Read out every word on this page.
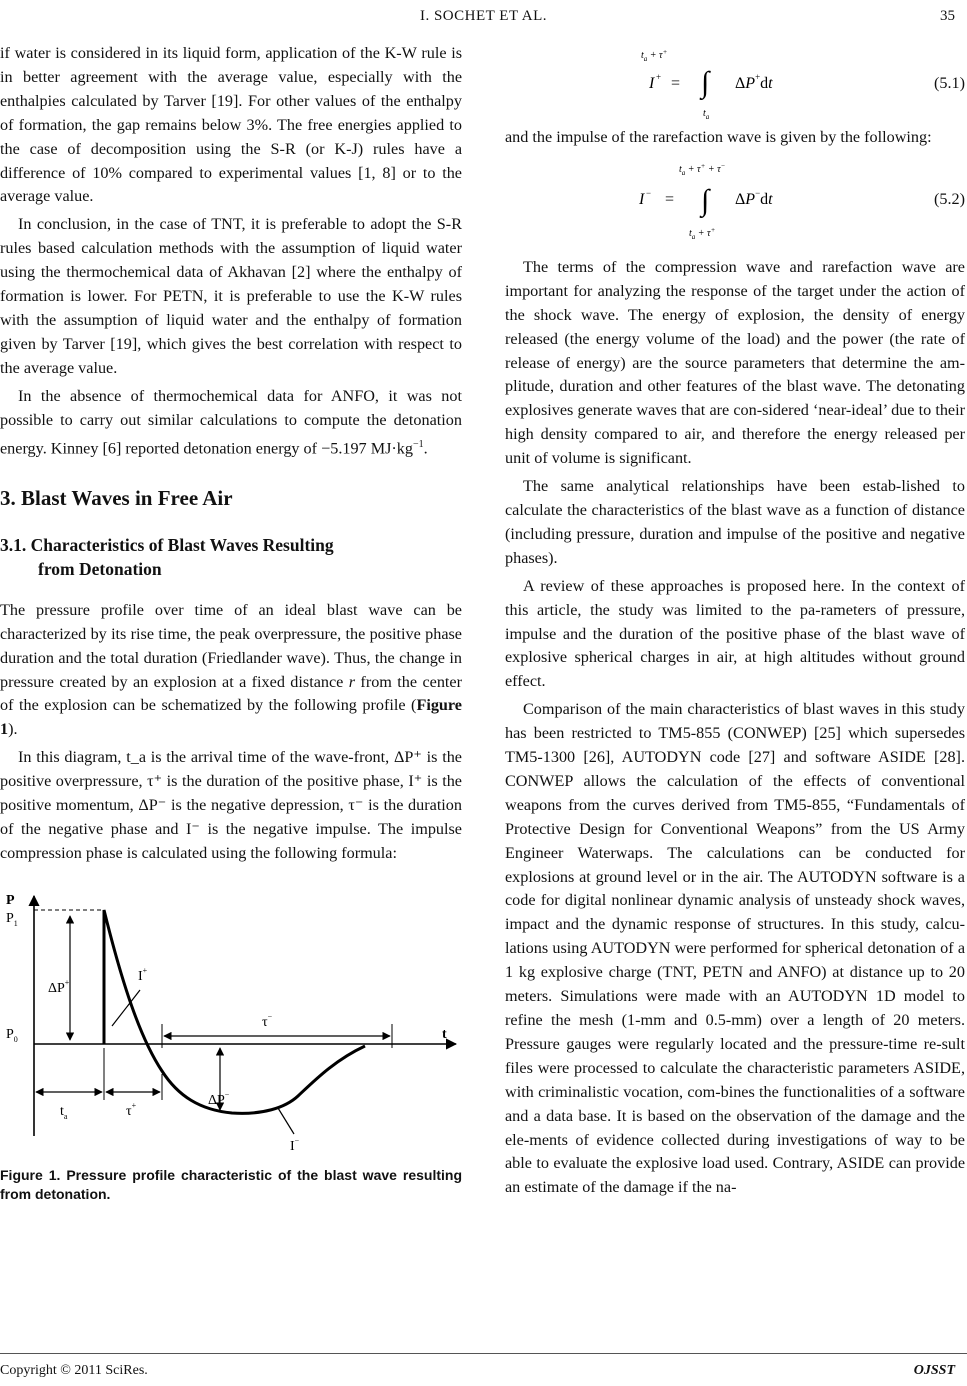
I. SOCHET ET AL.	35

if water is considered in its liquid form, application of the K-W rule is in better agreement with the average value, especially with the enthalpies calculated by Tarver [19]. For other values of the enthalpy of formation, the gap remains below 3%. The free energies applied to the case of decomposition using the S-R (or K-J) rules have a difference of 10% compared to experimental values [1, 8] or to the average value.

In conclusion, in the case of TNT, it is preferable to adopt the S-R rules based calculation methods with the assumption of liquid water using the thermochemical data of Akhavan [2] where the enthalpy of formation is lower. For PETN, it is preferable to use the K-W rules with the assumption of liquid water and the enthalpy of formation given by Tarver [19], which gives the best correlation with respect to the average value.

In the absence of thermochemical data for ANFO, it was not possible to carry out similar calculations to compute the detonation energy. Kinney [6] reported detonation energy of −5.197 $MJ\cdot kg^{-1}$.

3. Blast Waves in Free Air
3.1. Characteristics of Blast Waves Resulting
from Detonation

The pressure profile over time of an ideal blast wave can be characterized by its rise time, the peak overpressure, the positive phase duration and the total duration (Friedlander wave). Thus, the change in pressure created by an explosion at a fixed distance r from the center of the explosion can be schematized by the following profile (Figure 1).

In this diagram, t_a is the arrival time of the wave-front, ΔP⁺ is the positive overpressure, τ⁺ is the duration of the positive phase, I⁺ is the positive momentum, ΔP⁻ is the negative depression, τ⁻ is the duration of the negative phase and I⁻ is the negative impulse. The impulse compression phase is calculated using the following formula:

P
$P_1$
$P_0$	t
ΔP+	I+
τ−
$t_a$	τ+	ΔP−
I−
Figure 1. Pressure profile characteristic of the blast wave resulting from detonation.
$t_a + \tau^+$
I + = ∫ ΔP+dt
$t_a$
(5.1)

and the impulse of the rarefaction wave is given by the following:

$t_a + \tau^+ + \tau^-$
I − = ∫ ΔP−dt
$t_a + \tau^+$
(5.2)

The terms of the compression wave and rarefaction wave are important for analyzing the response of the target under the action of the shock wave. The energy of explosion, the density of energy released (the energy volume of the load) and the power (the rate of release of energy) are the source parameters that determine the am-plitude, duration and other features of the blast wave. The detonating explosives generate waves that are con-sidered ‘near-ideal’ due to their high density compared to air, and therefore the energy released per unit of volume is significant.

The same analytical relationships have been estab-lished to calculate the characteristics of the blast wave as a function of distance (including pressure, duration and impulse of the positive and negative phases).

A review of these approaches is proposed here. In the context of this article, the study was limited to the pa-rameters of pressure, impulse and the duration of the positive phase of the blast wave of explosive spherical charges in air, at high altitudes without ground effect.

Comparison of the main characteristics of blast waves in this study has been restricted to TM5-855 (CONWEP) [25] which supersedes TM5-1300 [26], AUTODYN code [27] and software ASIDE [28]. CONWEP allows the calculation of the effects of conventional weapons from the curves derived from TM5-855, “Fundamentals of Protective Design for Conventional Weapons” from the US Army Engineer Waterwaps. The calculations can be conducted for explosions at ground level or in the air. The AUTODYN software is a code for digital nonlinear dynamic analysis of unsteady shock waves, impact and the dynamic response of structures. In this study, calcu-lations using AUTODYN were performed for spherical detonation of a 1 kg explosive charge (TNT, PETN and ANFO) at distance up to 20 meters. Simulations were made with an AUTODYN 1D model to refine the mesh (1-mm and 0.5-mm) over a length of 20 meters. Pressure gauges were regularly located and the pressure-time re-sult files were processed to calculate the characteristic parameters ASIDE, with criminalistic vocation, com-bines the functionalities of a software and a data base. It is based on the observation of the damage and the ele-ments of evidence collected during investigations of way to be able to evaluate the explosive load used. Contrary, ASIDE can provide an estimate of the damage if the na-

Copyright © 2011 SciRes.	OJSST
